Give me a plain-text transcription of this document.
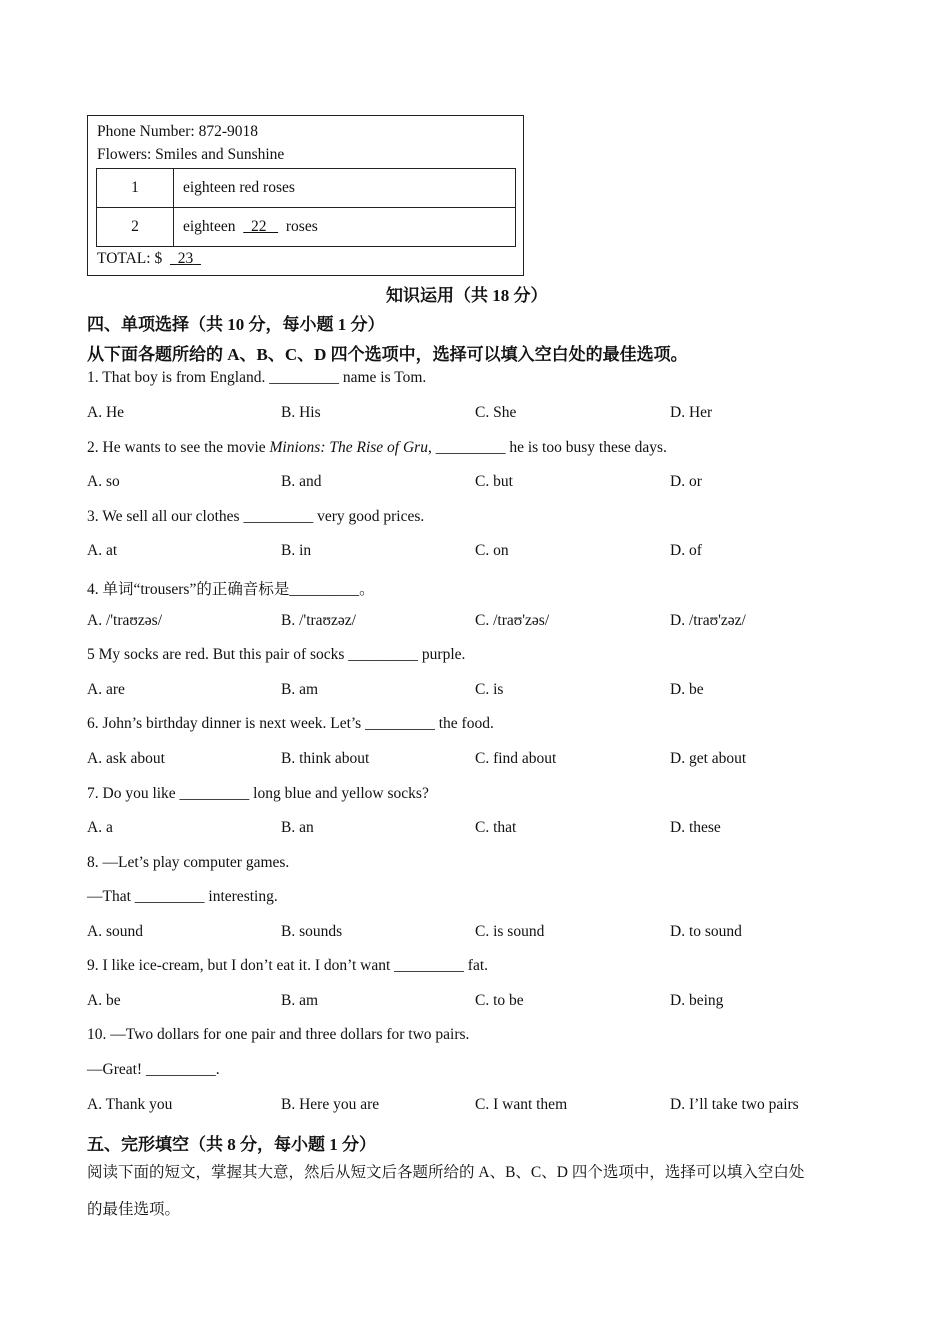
Phone Number: 872-9018
Flowers: Smiles and Sunshine
1	eighteen red roses
2	eighteen 22 roses
TOTAL: $ 23
知识运用（共 18 分）
四、单项选择（共 10 分，每小题 1 分）
从下面各题所给的 A、B、C、D 四个选项中，选择可以填入空白处的最佳选项。
1. That boy is from England. _________ name is Tom.
A. He	B. His	C. She	D. Her
2. He wants to see the movie Minions: The Rise of Gru, _________ he is too busy these days.
A. so	B. and	C. but	D. or
3. We sell all our clothes _________ very good prices.
A. at	B. in	C. on	D. of
4. 单词“trousers”的正确音标是_________。
A. /'traʊzəs/	B. /'traʊzəz/	C. /traʊ'zəs/	D. /traʊ'zəz/
5 My socks are red. But this pair of socks _________ purple.
A. are	B. am	C. is	D. be
6. John’s birthday dinner is next week. Let’s _________ the food.
A. ask about	B. think about	C. find about	D. get about
7. Do you like _________ long blue and yellow socks?
A. a	B. an	C. that	D. these
8. —Let’s play computer games.
—That _________ interesting.
A. sound	B. sounds	C. is sound	D. to sound
9. I like ice-cream, but I don’t eat it. I don’t want _________ fat.
A. be	B. am	C. to be	D. being
10. —Two dollars for one pair and three dollars for two pairs.
—Great! _________.
A. Thank you	B. Here you are	C. I want them	D. I’ll take two pairs
五、完形填空（共 8 分，每小题 1 分）
阅读下面的短文，掌握其大意，然后从短文后各题所给的 A、B、C、D 四个选项中，选择可以填入空白处
的最佳选项。
